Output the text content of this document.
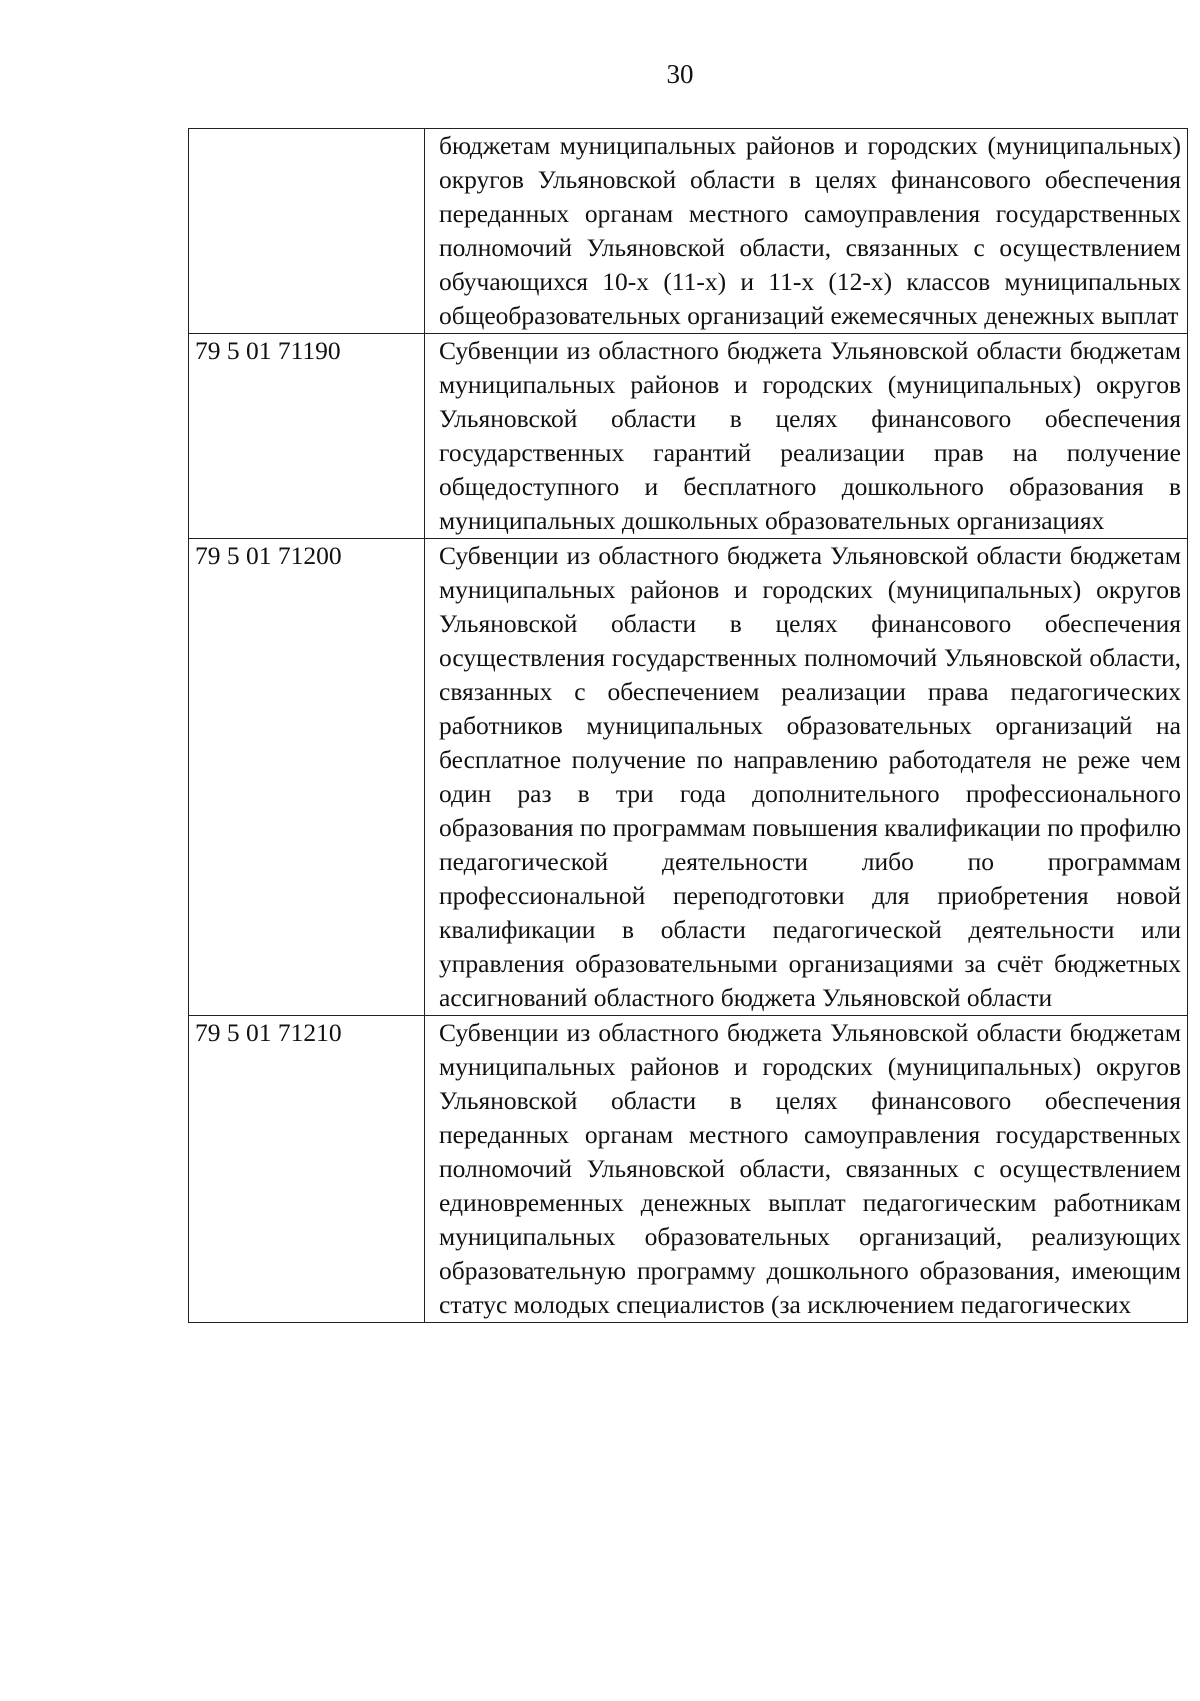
30

	бюджетам муниципальных районов и городских (муниципальных) округов Ульяновской области в целях финансового обеспечения переданных органам местного самоуправления государственных полномочий Ульяновской области, связанных с осуществлением обучающихся 10-х (11-х) и 11-х (12-х) классов муниципальных общеобразовательных организаций ежемесячных денежных выплат

79 5 01 71190	Субвенции из областного бюджета Ульяновской области бюджетам муниципальных районов и городских (муниципальных) округов Ульяновской области в целях финансового обеспечения государственных гарантий реализации прав на получение общедоступного и бесплатного дошкольного образования в муниципальных дошкольных образовательных организациях

79 5 01 71200	Субвенции из областного бюджета Ульяновской области бюджетам муниципальных районов и городских (муниципальных) округов Ульяновской области в целях финансового обеспечения осуществления государственных полномочий Ульяновской области, связанных с обеспечением реализации права педагогических работников муниципальных образовательных организаций на бесплатное получение по направлению работодателя не реже чем один раз в три года дополнительного профессионального образования по программам повышения квалификации по профилю педагогической деятельности либо по программам профессиональной переподготовки для приобретения новой квалификации в области педагогической деятельности или управления образовательными организациями за счёт бюджетных ассигнований областного бюджета Ульяновской области

79 5 01 71210	Субвенции из областного бюджета Ульяновской области бюджетам муниципальных районов и городских (муниципальных) округов Ульяновской области в целях финансового обеспечения переданных органам местного самоуправления государственных полномочий Ульяновской области, связанных с осуществлением единовременных денежных выплат педагогическим работникам муниципальных образовательных организаций, реализующих образовательную программу дошкольного образования, имеющим статус молодых специалистов (за исключением педагогических
